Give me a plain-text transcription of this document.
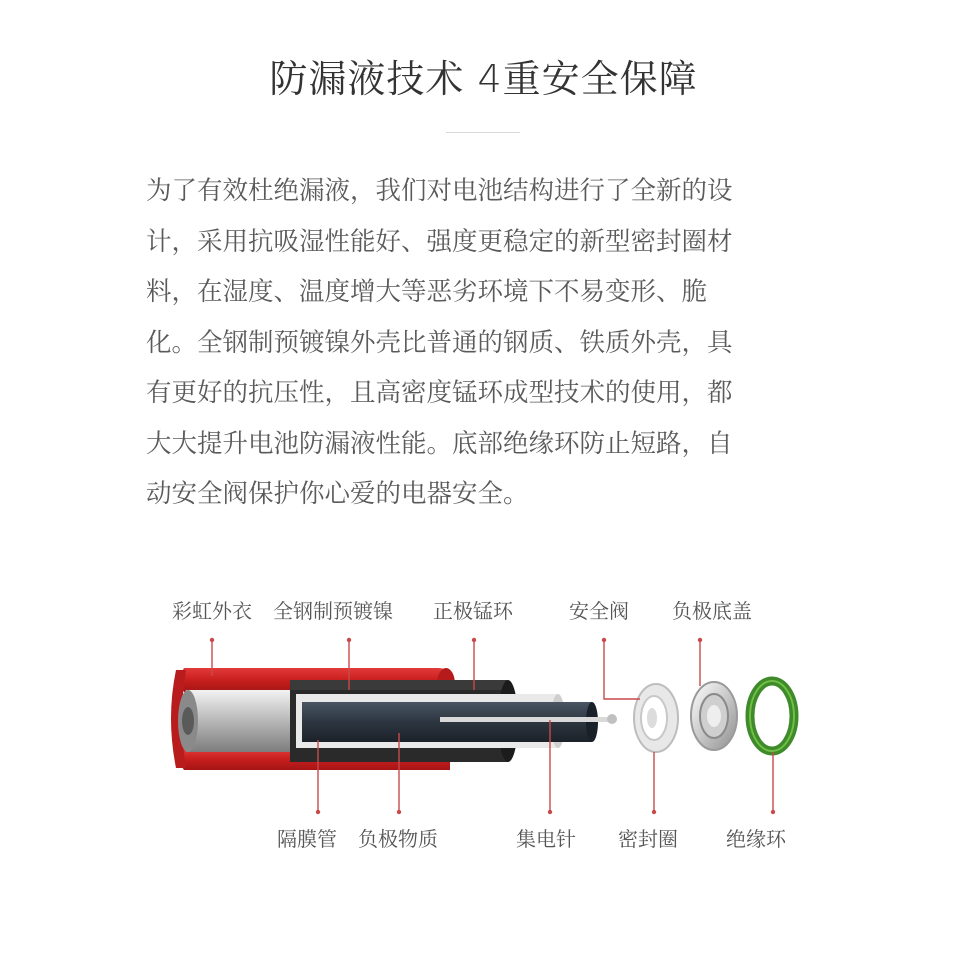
防漏液技术 4重安全保障
为了有效杜绝漏液，我们对电池结构进行了全新的设
计，采用抗吸湿性能好、强度更稳定的新型密封圈材
料，在湿度、温度增大等恶劣环境下不易变形、脆
化。全钢制预镀镍外壳比普通的钢质、铁质外壳，具
有更好的抗压性，且高密度锰环成型技术的使用，都
大大提升电池防漏液性能。底部绝缘环防止短路，自
动安全阀保护你心爱的电器安全。
彩虹外衣 全钢制预镀镍 正极锰环	安全阀 负极底盖
隔膜管 负极物质	集电针 密封圈 绝缘环
